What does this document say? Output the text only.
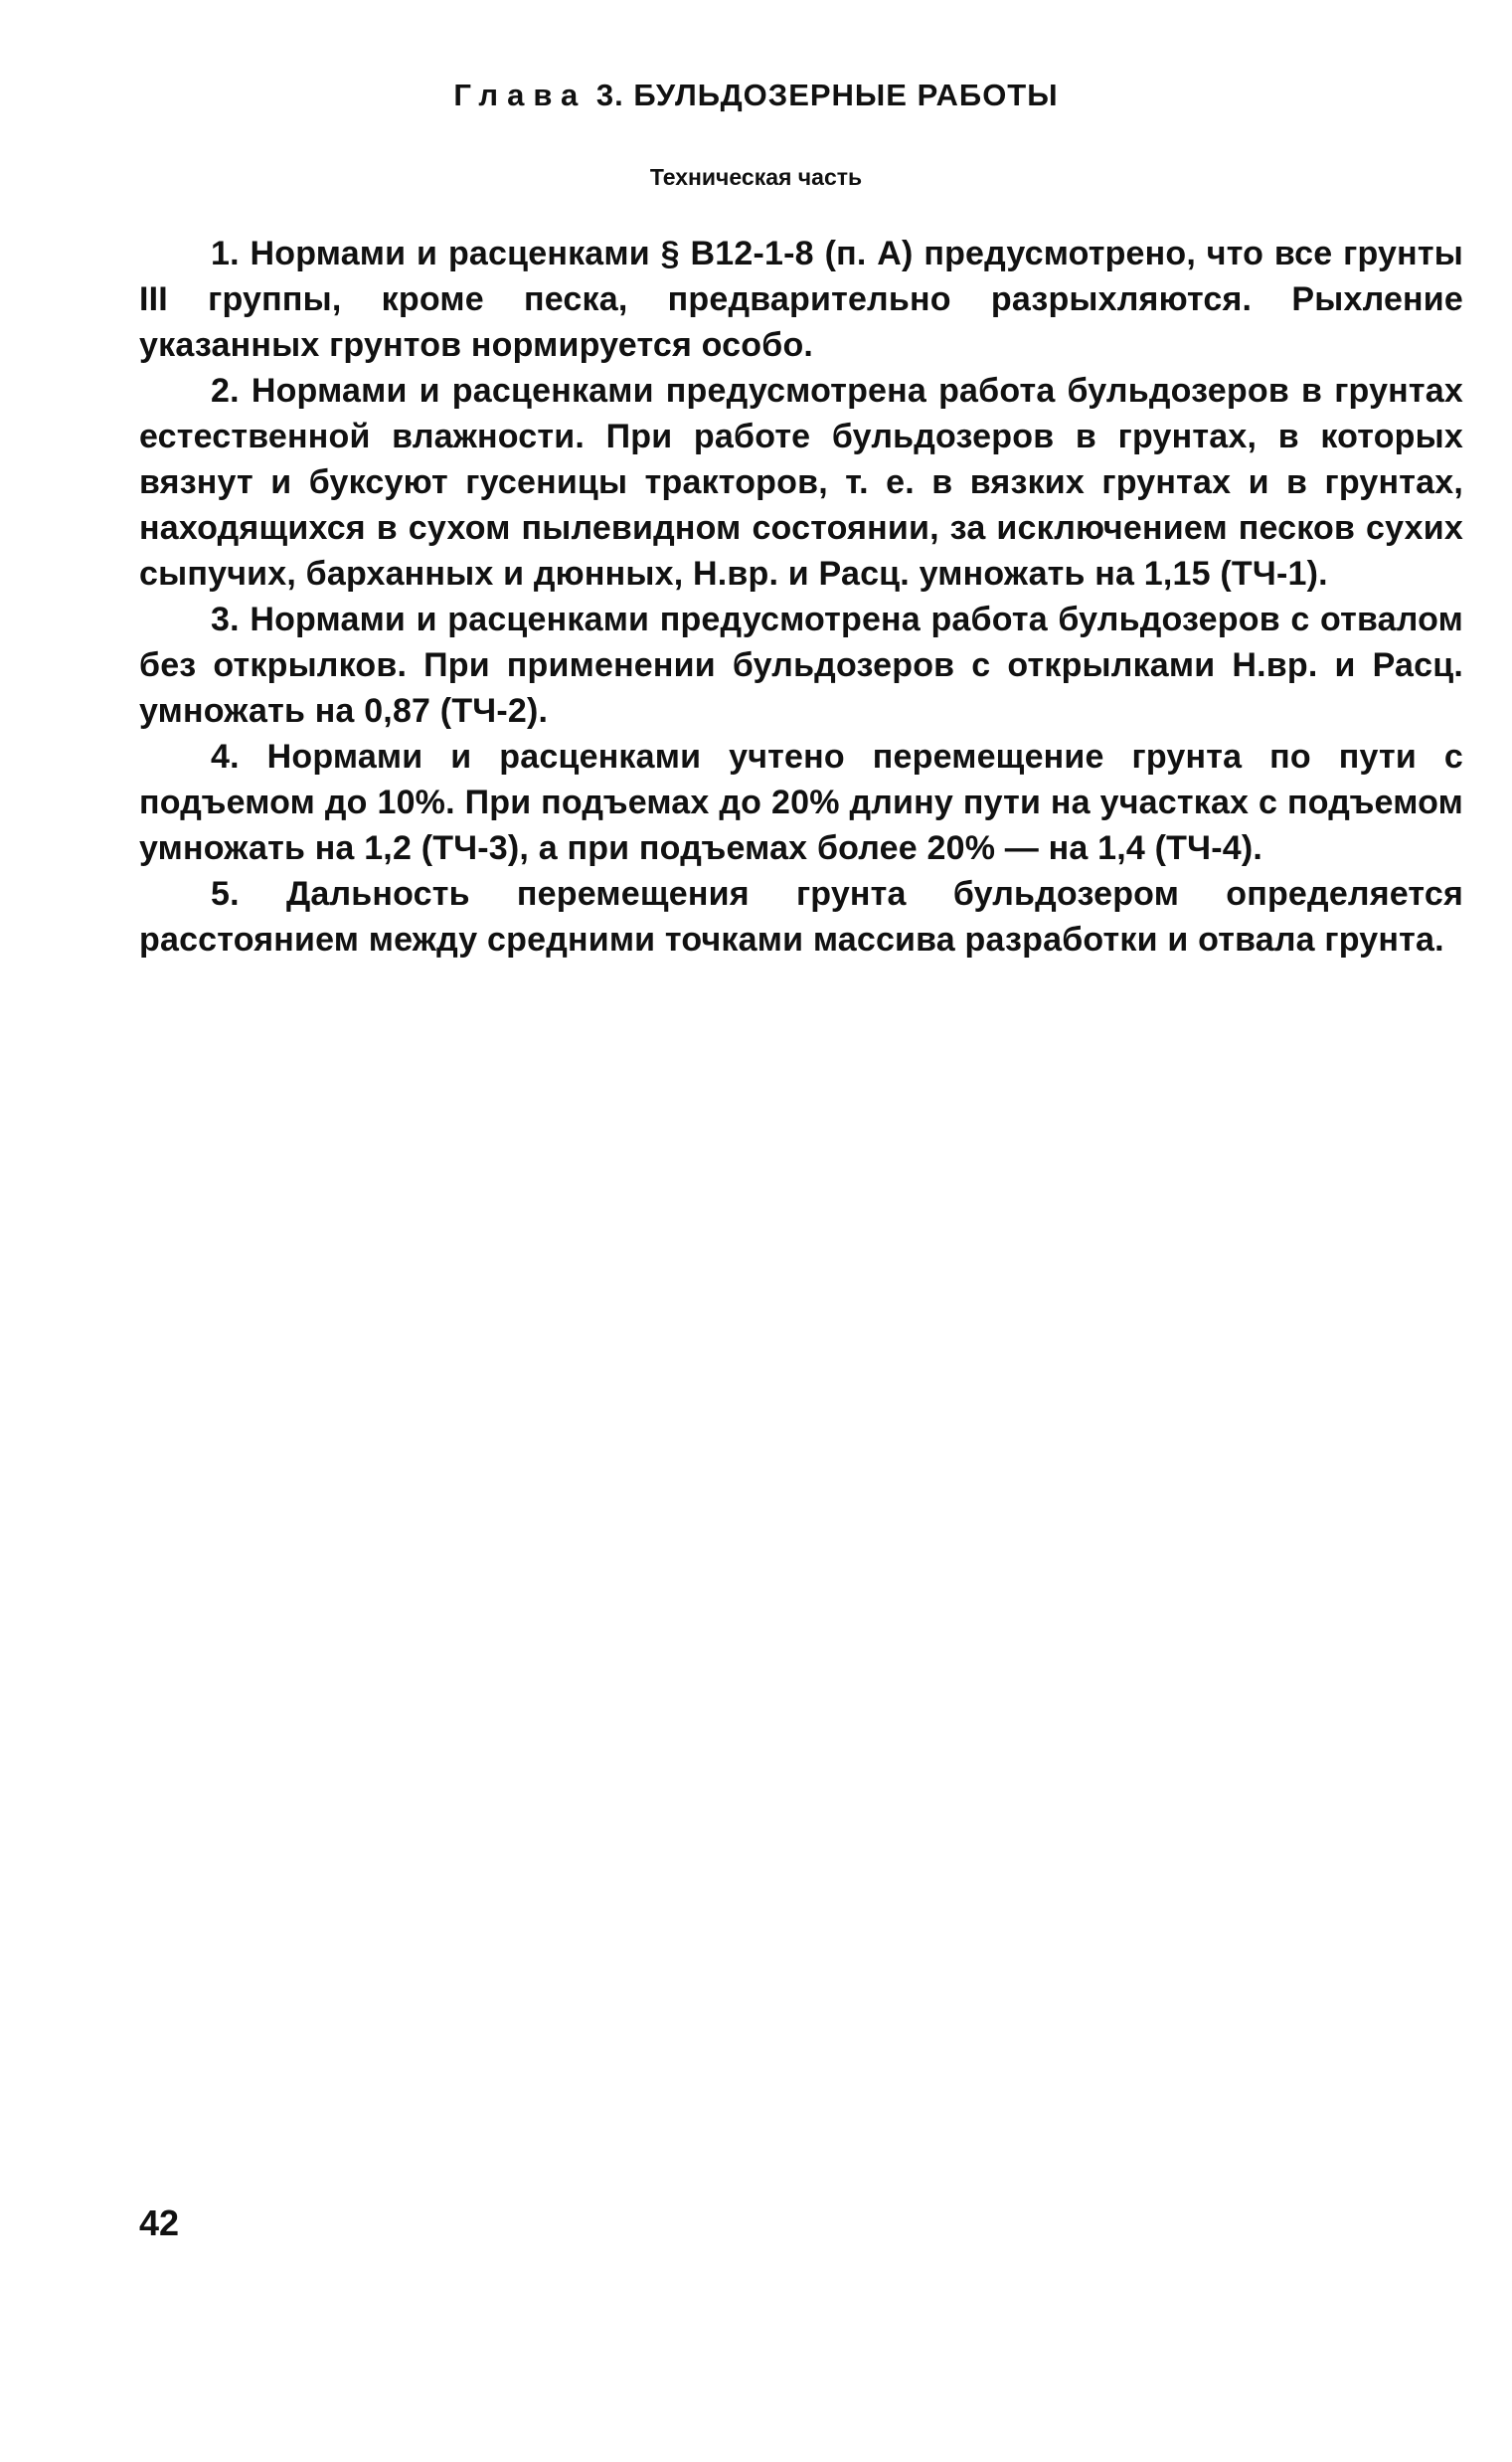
Глава 3. БУЛЬДОЗЕРНЫЕ РАБОТЫ
Техническая часть

1. Нормами и расценками § В12-1-8 (п. А) предусмотрено, что все грунты III группы, кроме песка, предварительно разрыхляются. Рыхление указанных грунтов нормируется особо.

2. Нормами и расценками предусмотрена работа бульдозеров в грунтах естественной влажности. При работе бульдозеров в грунтах, в которых вязнут и буксуют гусеницы тракторов, т. е. в вязких грунтах и в грунтах, находящихся в сухом пылевидном состоянии, за исключением песков сухих сыпучих, барханных и дюнных, Н.вр. и Расц. умножать на 1,15 (ТЧ-1).

3. Нормами и расценками предусмотрена работа бульдозеров с отвалом без открылков. При применении бульдозеров с открылками Н.вр. и Расц. умножать на 0,87 (ТЧ-2).

4. Нормами и расценками учтено перемещение грунта по пути с подъемом до 10%. При подъемах до 20% длину пути на участках с подъемом умножать на 1,2 (ТЧ-3), а при подъемах более 20% — на 1,4 (ТЧ-4).

5. Дальность перемещения грунта бульдозером определяется расстоянием между средними точками массива разработки и отвала грунта.

42
